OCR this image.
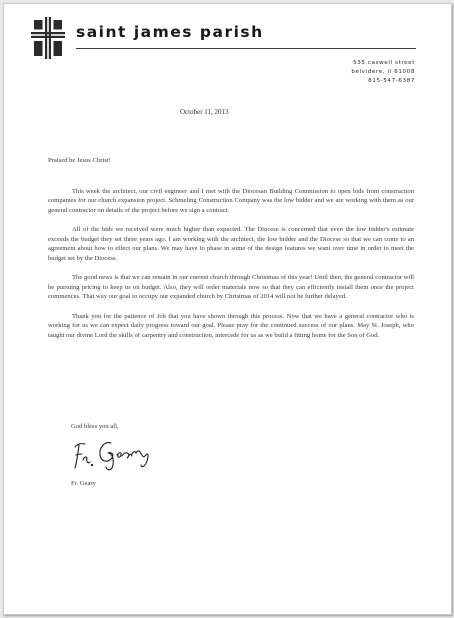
saint james parish
535 caswell street
belvidere, il 61008
815-547-6387
October 11, 2013

Praised be Jesus Christ!

This week the architect, our civil engineer and I met with the Diocesan Building Commission to open bids from construction companies for our church expansion project. Schmeling Construction Company was the low bidder and we are working with them as our general contractor on details of the project before we sign a contract.

All of the bids we received were much higher than expected. The Diocese is concerned that even the low bidder's estimate exceeds the budget they set three years ago. I am working with the architect, the low bidder and the Diocese so that we can come to an agreement about how to effect our plans. We may have to phase in some of the design features we want over time in order to meet the budget set by the Diocese.

The good news is that we can remain in our current church through Christmas of this year! Until then, the general contractor will be pursuing pricing to keep us on budget. Also, they will order materials now so that they can efficiently install them once the project commences. That way our goal to occupy our expanded church by Christmas of 2014 will not be further delayed.

Thank you for the patience of Job that you have shown through this process. Now that we have a general contractor who is working for us we can expect daily progress toward our goal. Please pray for the continued success of our plans. May St. Joseph, who taught our divine Lord the skills of carpentry and construction, intercede for us as we build a fitting home for the Son of God.

God bless you all,
Fr. Geary
